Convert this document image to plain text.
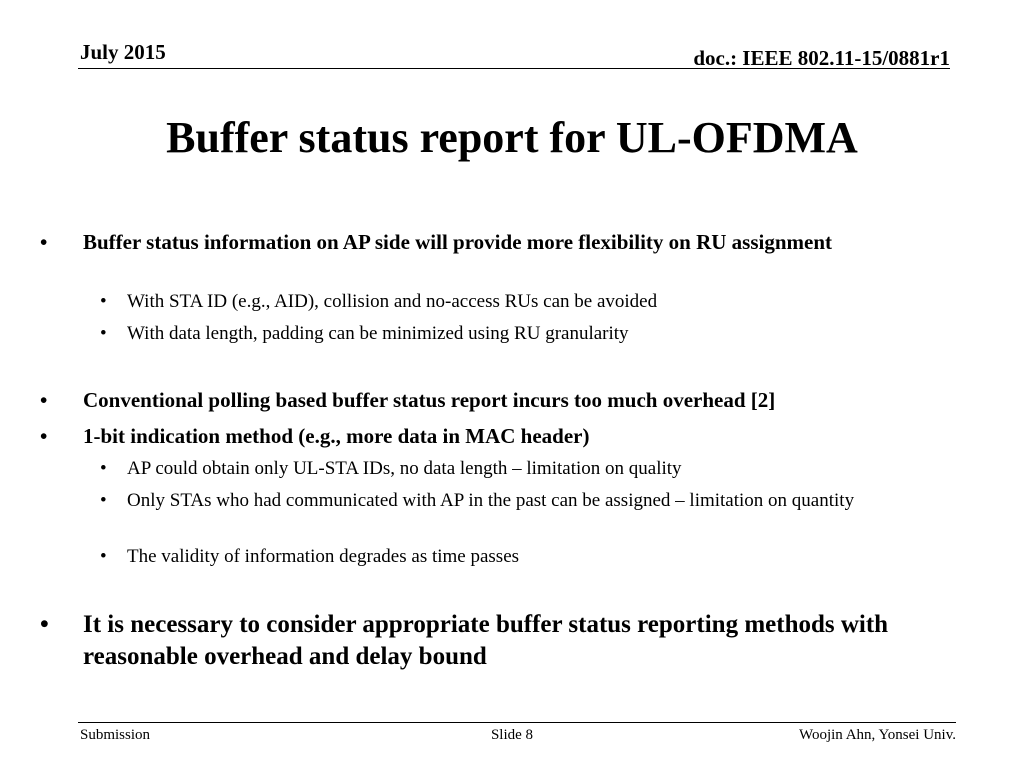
July 2015	doc.: IEEE 802.11-15/0881r1
Buffer status report for UL-OFDMA
•	Buffer status information on AP side will provide more flexibility on RU assignment
•	With STA ID (e.g., AID), collision and no-access RUs can be avoided
•	With data length, padding can be minimized using RU granularity
•	Conventional polling based buffer status report incurs too much overhead [2]
•	1-bit indication method (e.g., more data in MAC header)
•	AP could obtain only UL-STA IDs, no data length – limitation on quality
•	Only STAs who had communicated with AP in the past can be assigned – limitation on quantity
•	The validity of information degrades as time passes
•	It is necessary to consider appropriate buffer status reporting methods with reasonable overhead and delay bound
Submission	Slide 8	Woojin Ahn, Yonsei Univ.
